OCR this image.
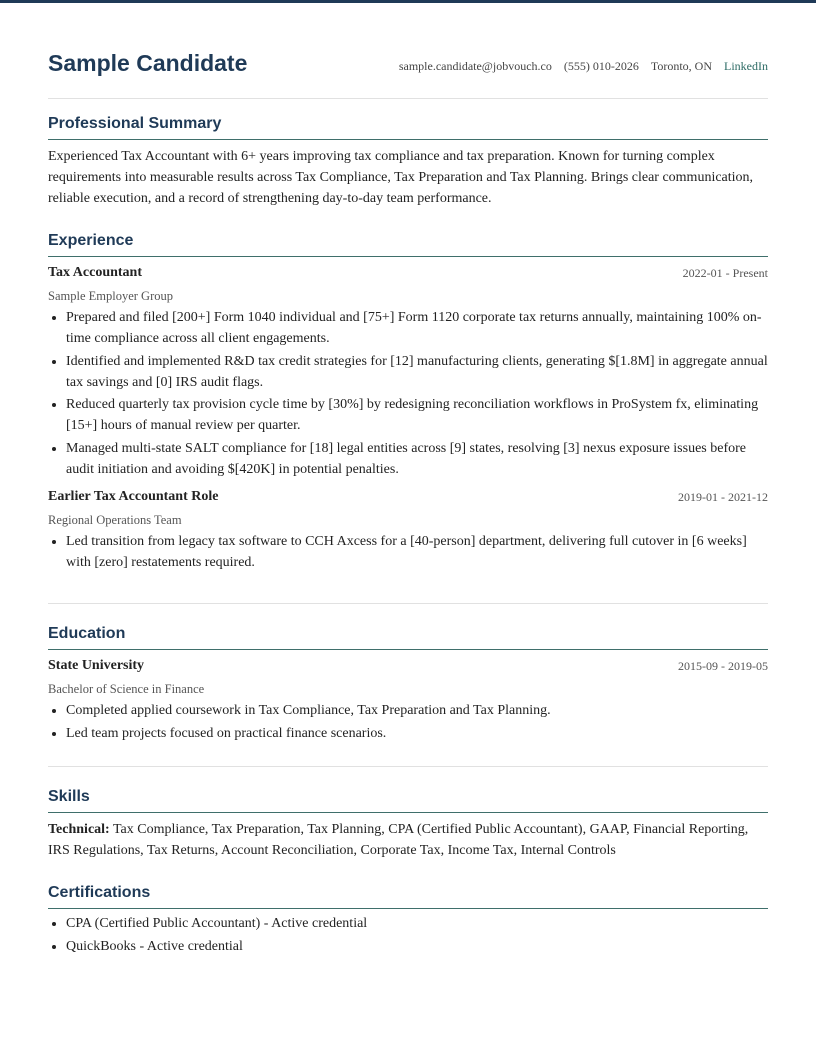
Sample Candidate	sample.candidate@jobvouch.co (555) 010-2026 Toronto, ON LinkedIn
Professional Summary

Experienced Tax Accountant with 6+ years improving tax compliance and tax preparation. Known for turning complex requirements into measurable results across Tax Compliance, Tax Preparation and Tax Planning. Brings clear communication, reliable execution, and a record of strengthening day-to-day team performance.

Experience
Tax Accountant	2022-01 - Present
Sample Employer Group
• Prepared and filed [200+] Form 1040 individual and [75+] Form 1120 corporate tax returns annually, maintaining 100% on-time compliance across all client engagements.
• Identified and implemented R&D tax credit strategies for [12] manufacturing clients, generating $[1.8M] in aggregate annual tax savings and [0] IRS audit flags.
• Reduced quarterly tax provision cycle time by [30%] by redesigning reconciliation workflows in ProSystem fx, eliminating [15+] hours of manual review per quarter.
• Managed multi-state SALT compliance for [18] legal entities across [9] states, resolving [3] nexus exposure issues before audit initiation and avoiding $[420K] in potential penalties.
Earlier Tax Accountant Role	2019-01 - 2021-12
Regional Operations Team
• Led transition from legacy tax software to CCH Axcess for a [40-person] department, delivering full cutover in [6 weeks] with [zero] restatements required.
Education
State University	2015-09 - 2019-05
Bachelor of Science in Finance
• Completed applied coursework in Tax Compliance, Tax Preparation and Tax Planning.
• Led team projects focused on practical finance scenarios.
Skills

Technical: Tax Compliance, Tax Preparation, Tax Planning, CPA (Certified Public Accountant), GAAP, Financial Reporting, IRS Regulations, Tax Returns, Account Reconciliation, Corporate Tax, Income Tax, Internal Controls

Certifications
• CPA (Certified Public Accountant) - Active credential
• QuickBooks - Active credential
